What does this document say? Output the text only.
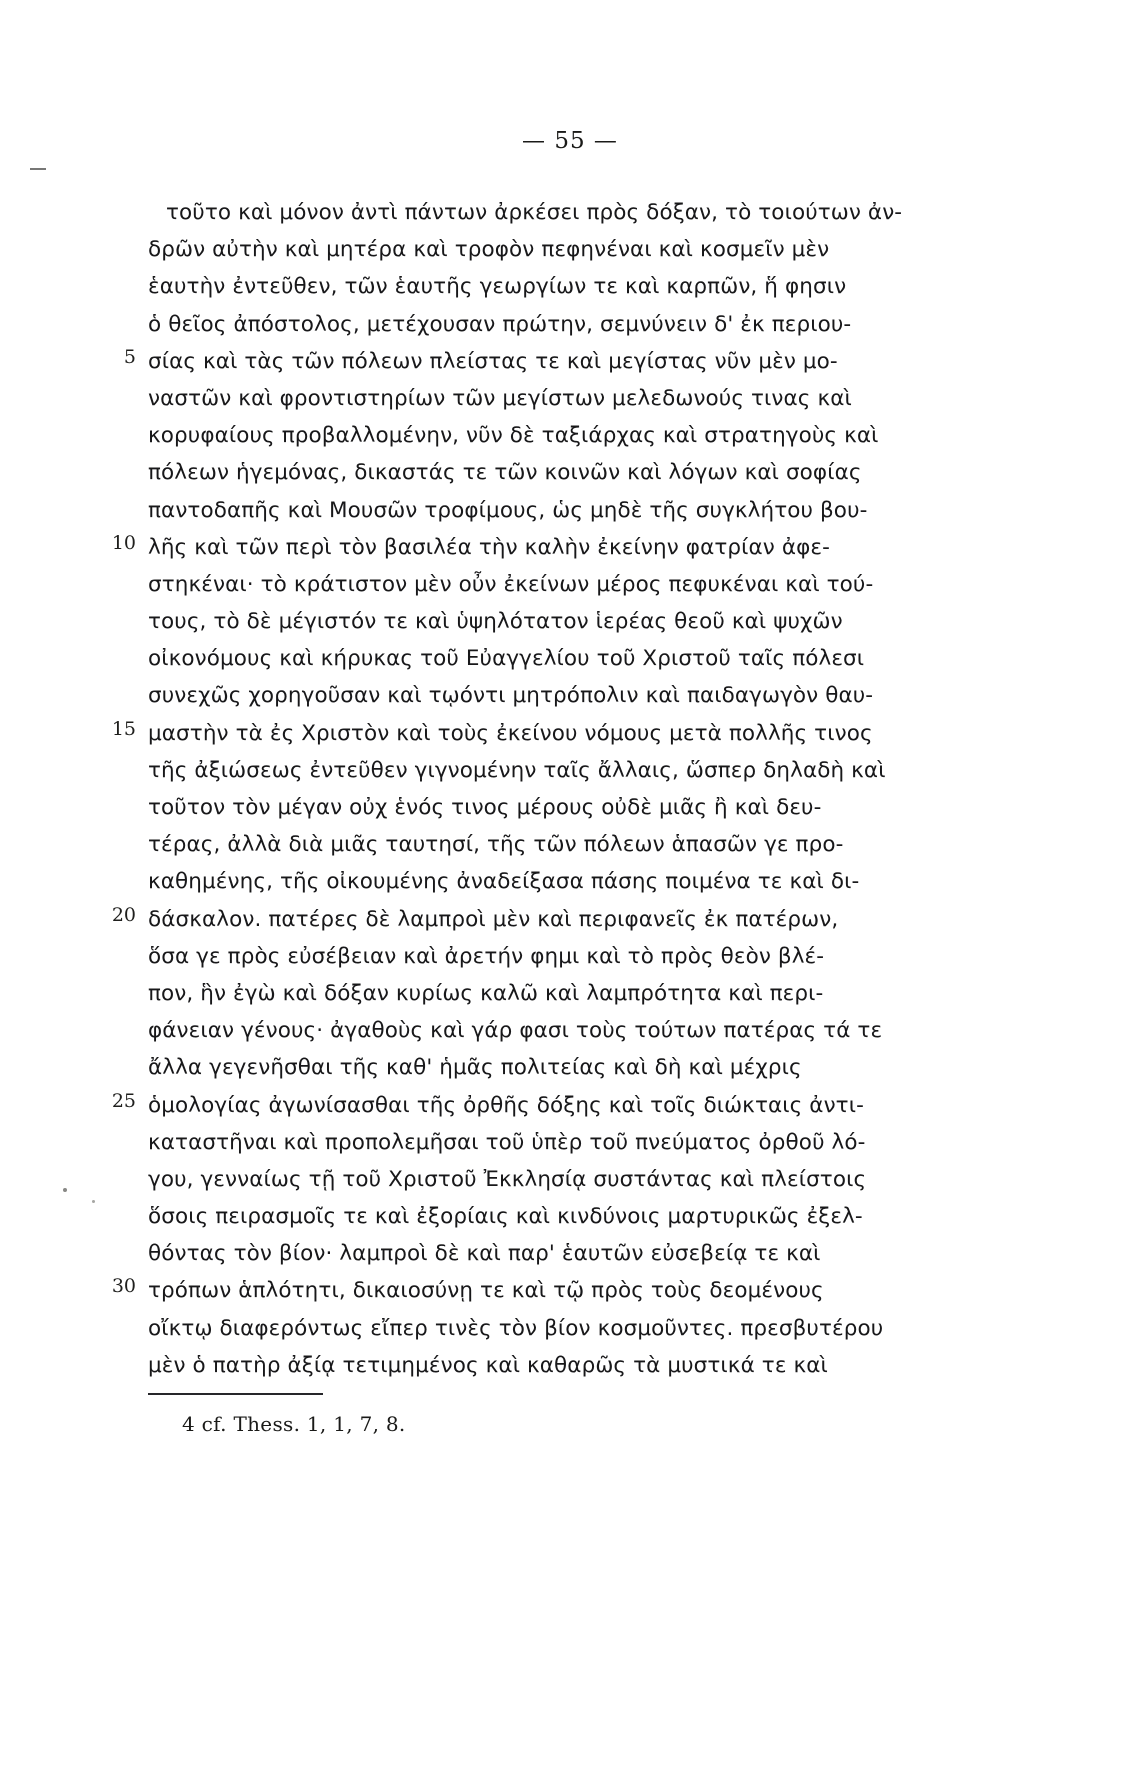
— 55 —
τοῦτο καὶ μόνον ἀντὶ πάντων ἀρκέσει πρὸς δόξαν, τὸ τοιούτων ἀν-
δρῶν αὐτὴν καὶ μητέρα καὶ τροφὸν πεφηνέναι καὶ κοσμεῖν μὲν
ἑαυτὴν ἐντεῦθεν, τῶν ἑαυτῆς γεωργίων τε καὶ καρπῶν, ἥ φησιν
ὁ θεῖος ἀπόστολος, μετέχουσαν πρώτην, σεμνύνειν δ' ἐκ περιου-
5 σίας καὶ τὰς τῶν πόλεων πλείστας τε καὶ μεγίστας νῦν μὲν μο-
ναστῶν καὶ φροντιστηρίων τῶν μεγίστων μελεδωνούς τινας καὶ
κορυφαίους προβαλλομένην, νῦν δὲ ταξιάρχας καὶ στρατηγοὺς καὶ
πόλεων ἡγεμόνας, δικαστάς τε τῶν κοινῶν καὶ λόγων καὶ σοφίας
παντοδαπῆς καὶ Μουσῶν τροφίμους, ὡς μηδὲ τῆς συγκλήτου βου-
10 λῆς καὶ τῶν περὶ τὸν βασιλέα τὴν καλὴν ἐκείνην φατρίαν ἀφε-
στηκέναι· τὸ κράτιστον μὲν οὖν ἐκείνων μέρος πεφυκέναι καὶ τού-
τους, τὸ δὲ μέγιστόν τε καὶ ὑψηλότατον ἱερέας θεοῦ καὶ ψυχῶν
οἰκονόμους καὶ κήρυκας τοῦ Εὐαγγελίου τοῦ Χριστοῦ ταῖς πόλεσι
συνεχῶς χορηγοῦσαν καὶ τῳόντι μητρόπολιν καὶ παιδαγωγὸν θαυ-
15 μαστὴν τὰ ἐς Χριστὸν καὶ τοὺς ἐκείνου νόμους μετὰ πολλῆς τινος
τῆς ἀξιώσεως ἐντεῦθεν γιγνομένην ταῖς ἄλλαις, ὥσπερ δηλαδὴ καὶ
τοῦτον τὸν μέγαν οὐχ ἑνός τινος μέρους οὐδὲ μιᾶς ἢ καὶ δευ-
τέρας, ἀλλὰ διὰ μιᾶς ταυτησί, τῆς τῶν πόλεων ἁπασῶν γε προ-
καθημένης, τῆς οἰκουμένης ἀναδείξασα πάσης ποιμένα τε καὶ δι-
20 δάσκαλον. πατέρες δὲ λαμπροὶ μὲν καὶ περιφανεῖς ἐκ πατέρων,
ὅσα γε πρὸς εὐσέβειαν καὶ ἀρετήν φημι καὶ τὸ πρὸς θεὸν βλέ-
πον, ἣν ἐγὼ καὶ δόξαν κυρίως καλῶ καὶ λαμπρότητα καὶ περι-
φάνειαν γένους· ἀγαθοὺς καὶ γάρ φασι τοὺς τούτων πατέρας τά τε
ἄλλα γεγενῆσθαι τῆς καθ' ἡμᾶς πολιτείας καὶ δὴ καὶ μέχρις
25 ὁμολογίας ἀγωνίσασθαι τῆς ὀρθῆς δόξης καὶ τοῖς διώκταις ἀντι-
καταστῆναι καὶ προπολεμῆσαι τοῦ ὑπὲρ τοῦ πνεύματος ὀρθοῦ λό-
γου, γενναίως τῇ τοῦ Χριστοῦ Ἐκκλησίᾳ συστάντας καὶ πλείστοις
ὅσοις πειρασμοῖς τε καὶ ἐξορίαις καὶ κινδύνοις μαρτυρικῶς ἐξελ-
θόντας τὸν βίον· λαμπροὶ δὲ καὶ παρ' ἑαυτῶν εὐσεβείᾳ τε καὶ
30 τρόπων ἁπλότητι, δικαιοσύνῃ τε καὶ τῷ πρὸς τοὺς δεομένους
οἴκτῳ διαφερόντως εἴπερ τινὲς τὸν βίον κοσμοῦντες. πρεσβυτέρου
μὲν ὁ πατὴρ ἀξίᾳ τετιμημένος καὶ καθαρῶς τὰ μυστικά τε καὶ
4 cf. Thess. 1, 1, 7, 8.
